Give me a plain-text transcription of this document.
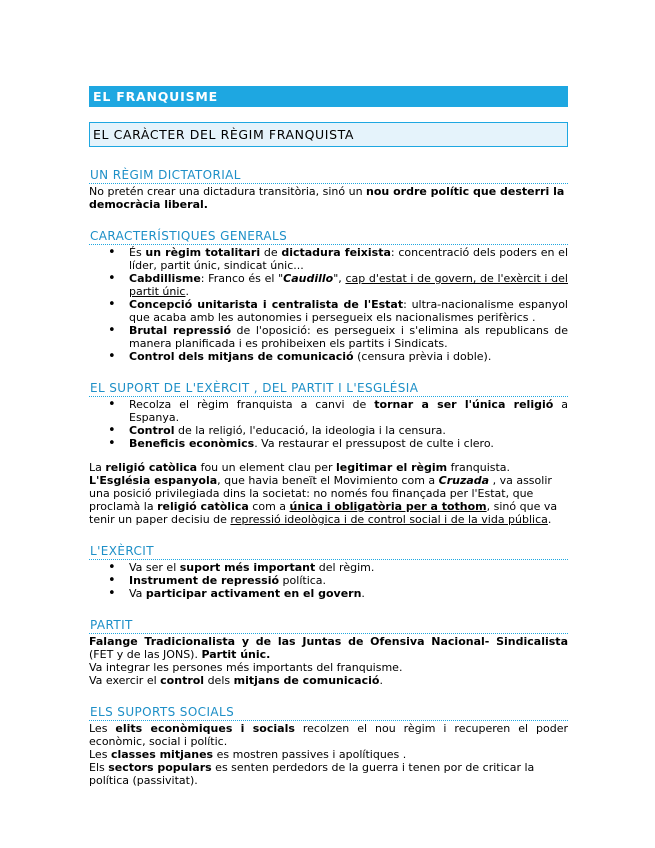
EL FRANQUISME
EL CARÀCTER DEL RÈGIM FRANQUISTA
UN RÈGIM DICTATORIAL

No pretén crear una dictadura transitòria, sinó un nou ordre polític que desterri la democràcia liberal.

CARACTERÍSTIQUES GENERALS
• És un règim totalitari de dictadura feixista: concentració dels poders en el líder, partit únic, sindicat únic...
• Cabdillisme: Franco és el "Caudillo", cap d'estat i de govern, de l'exèrcit i del partit únic.
• Concepció unitarista i centralista de l'Estat: ultra-nacionalisme espanyol que acaba amb les autonomies i persegueix els nacionalismes perifèrics .
• Brutal repressió de l'oposició: es persegueix i s'elimina als republicans de manera planificada i es prohibeixen els partits i Sindicats.
• Control dels mitjans de comunicació (censura prèvia i doble).
EL SUPORT DE L'EXÈRCIT , DEL PARTIT I L'ESGLÉSIA
• Recolza el règim franquista a canvi de tornar a ser l'única religió a Espanya.
• Control de la religió, l'educació, la ideologia i la censura.
• Beneficis econòmics. Va restaurar el pressupost de culte i clero.

La religió catòlica fou un element clau per legitimar el règim franquista.
L'Església espanyola, que havia beneït el Movimiento com a Cruzada , va assolir una posició privilegiada dins la societat: no només fou finançada per l'Estat, que proclamà la religió catòlica com a única i obligatòria per a tothom, sinó que va tenir un paper decisiu de repressió ideològica i de control social i de la vida pública.

L'EXÈRCIT
• Va ser el suport més important del règim.
• Instrument de repressió política.
• Va participar activament en el govern.
PARTIT

Falange Tradicionalista y de las Juntas de Ofensiva Nacional- Sindicalista (FET y de las JONS). Partit únic.

Va integrar les persones més importants del franquisme.

Va exercir el control dels mitjans de comunicació.

ELS SUPORTS SOCIALS

Les elits econòmiques i socials recolzen el nou règim i recuperen el poder econòmic, social i polític.

Les classes mitjanes es mostren passives i apolítiques .

Els sectors populars es senten perdedors de la guerra i tenen por de criticar la política (passivitat).
